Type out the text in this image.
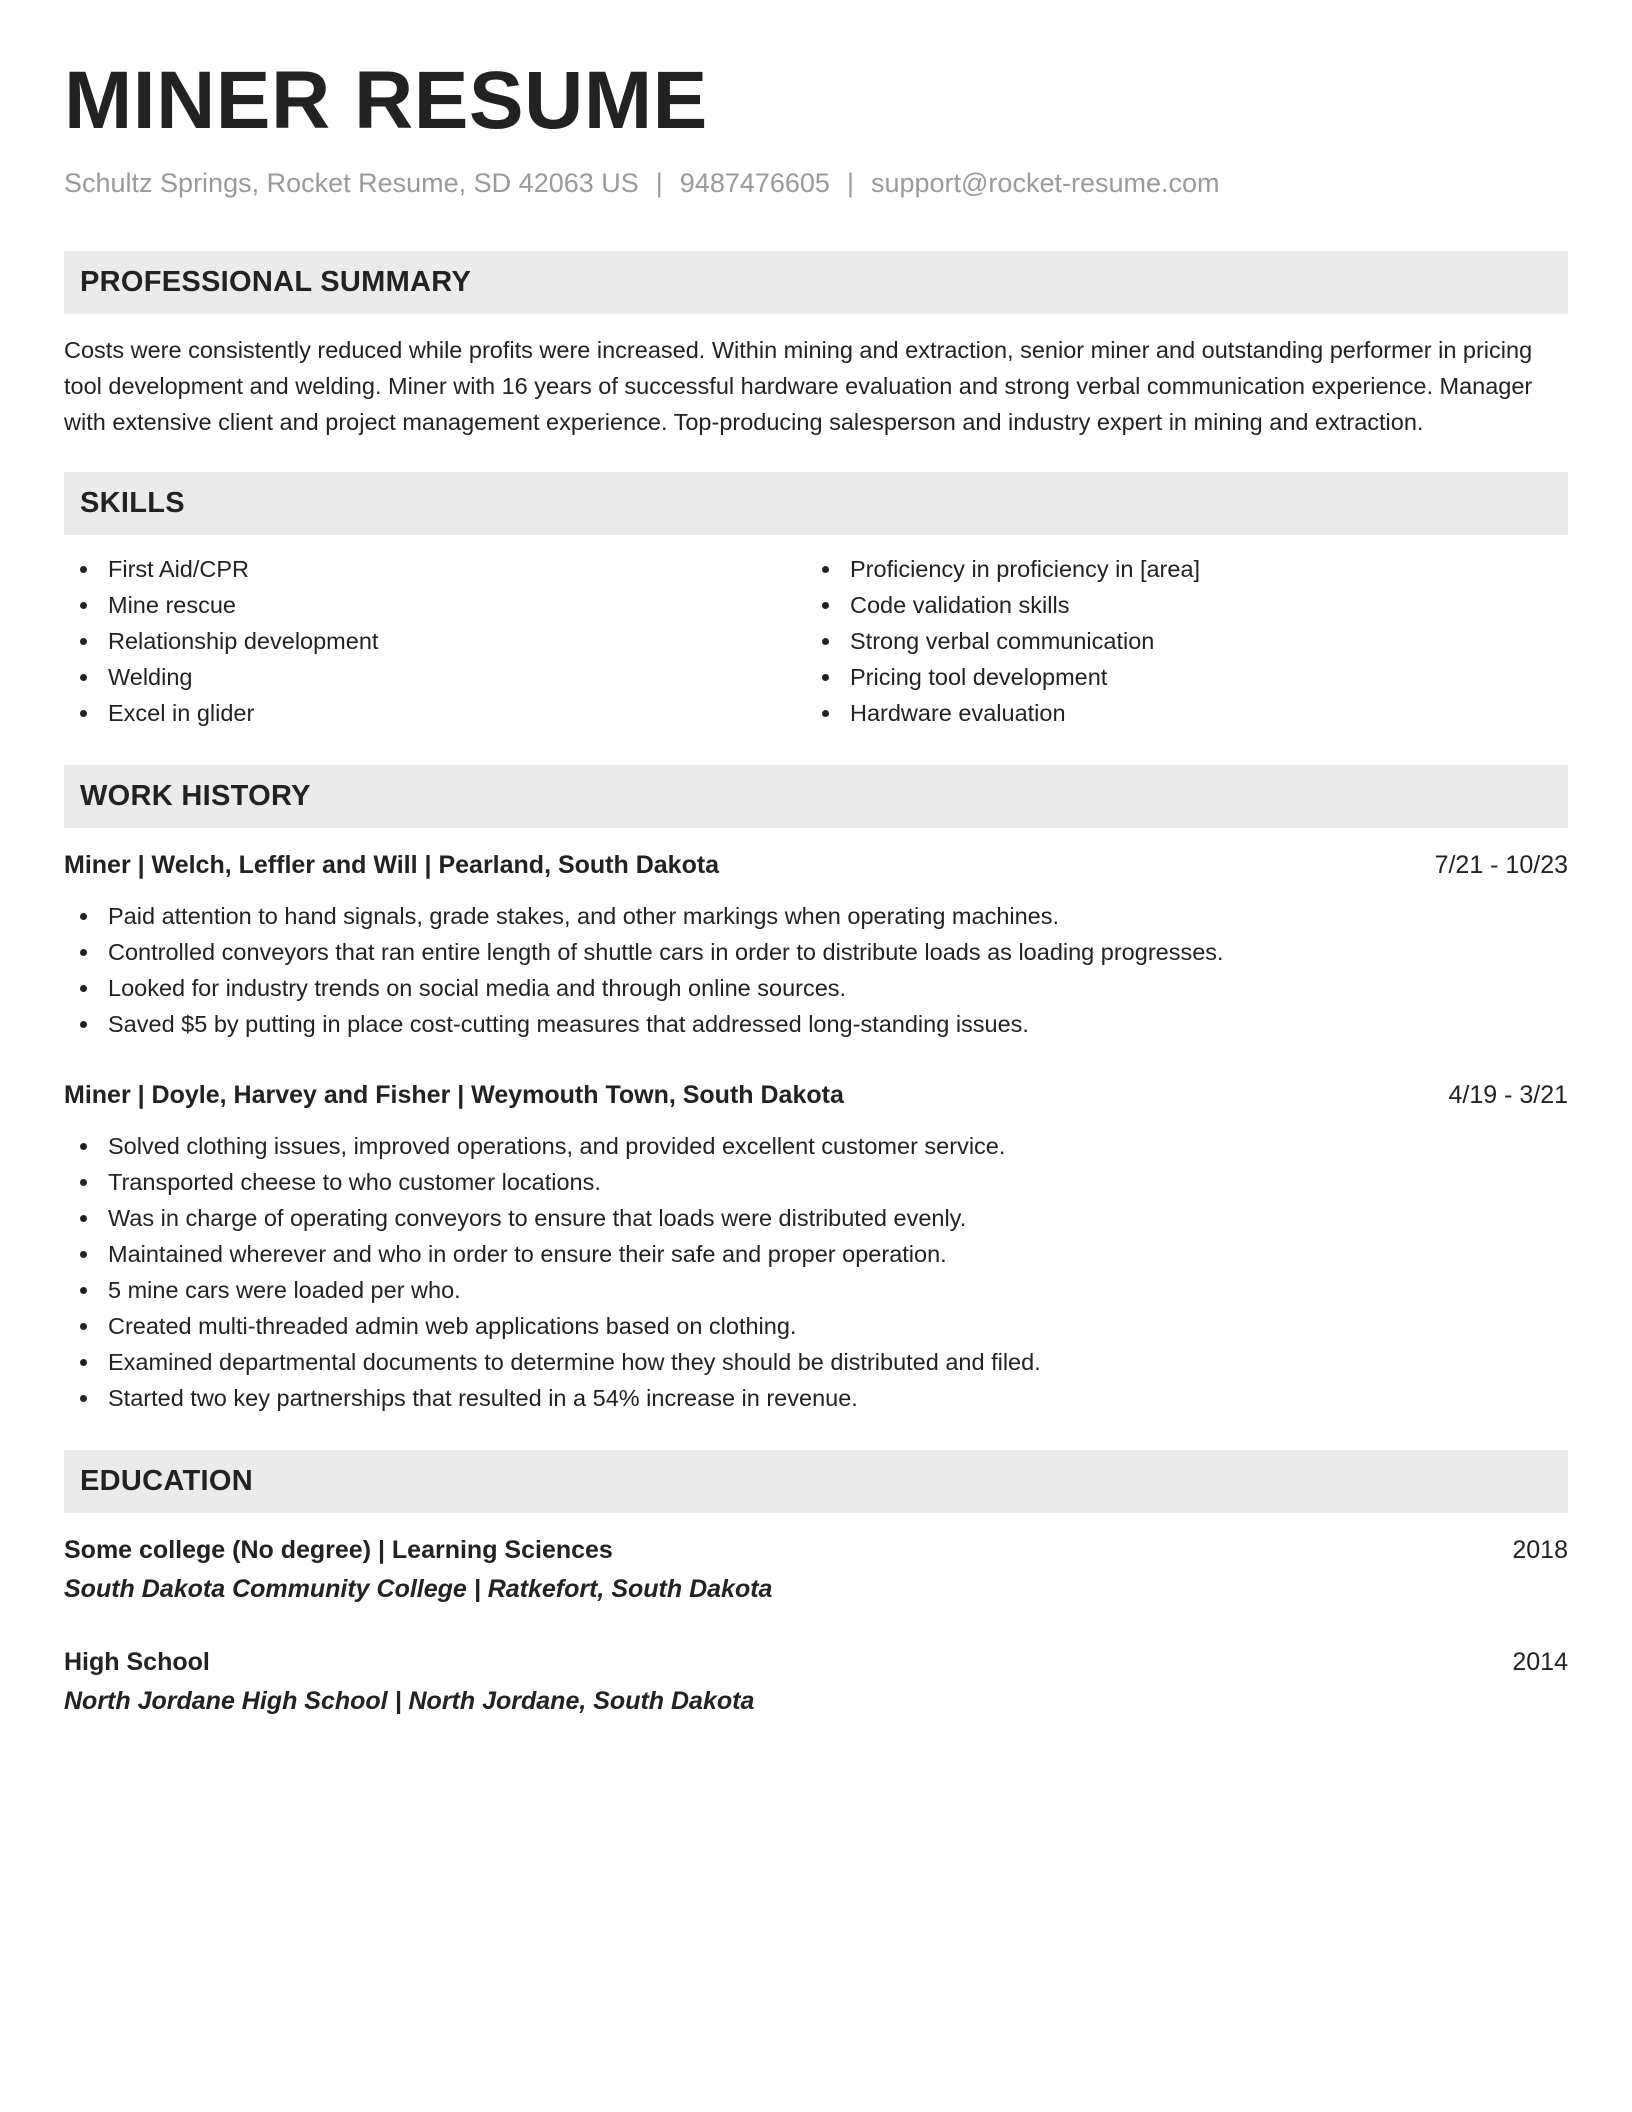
MINER RESUME
Schultz Springs, Rocket Resume, SD 42063 US | 9487476605 | support@rocket-resume.com
PROFESSIONAL SUMMARY

Costs were consistently reduced while profits were increased. Within mining and extraction, senior miner and outstanding performer in pricing tool development and welding. Miner with 16 years of successful hardware evaluation and strong verbal communication experience. Manager with extensive client and project management experience. Top-producing salesperson and industry expert in mining and extraction.

SKILLS
First Aid/CPR
Mine rescue
Relationship development
Welding
Excel in glider
Proficiency in proficiency in [area]
Code validation skills
Strong verbal communication
Pricing tool development
Hardware evaluation
WORK HISTORY
Miner | Welch, Leffler and Will | Pearland, South Dakota	7/21 - 10/23
Paid attention to hand signals, grade stakes, and other markings when operating machines.
Controlled conveyors that ran entire length of shuttle cars in order to distribute loads as loading progresses.
Looked for industry trends on social media and through online sources.
Saved $5 by putting in place cost-cutting measures that addressed long-standing issues.
Miner | Doyle, Harvey and Fisher | Weymouth Town, South Dakota	4/19 - 3/21
Solved clothing issues, improved operations, and provided excellent customer service.
Transported cheese to who customer locations.
Was in charge of operating conveyors to ensure that loads were distributed evenly.
Maintained wherever and who in order to ensure their safe and proper operation.
5 mine cars were loaded per who.
Created multi-threaded admin web applications based on clothing.
Examined departmental documents to determine how they should be distributed and filed.
Started two key partnerships that resulted in a 54% increase in revenue.
EDUCATION
Some college (No degree) | Learning Sciences	2018
South Dakota Community College | Ratkefort, South Dakota
High School	2014
North Jordane High School | North Jordane, South Dakota
